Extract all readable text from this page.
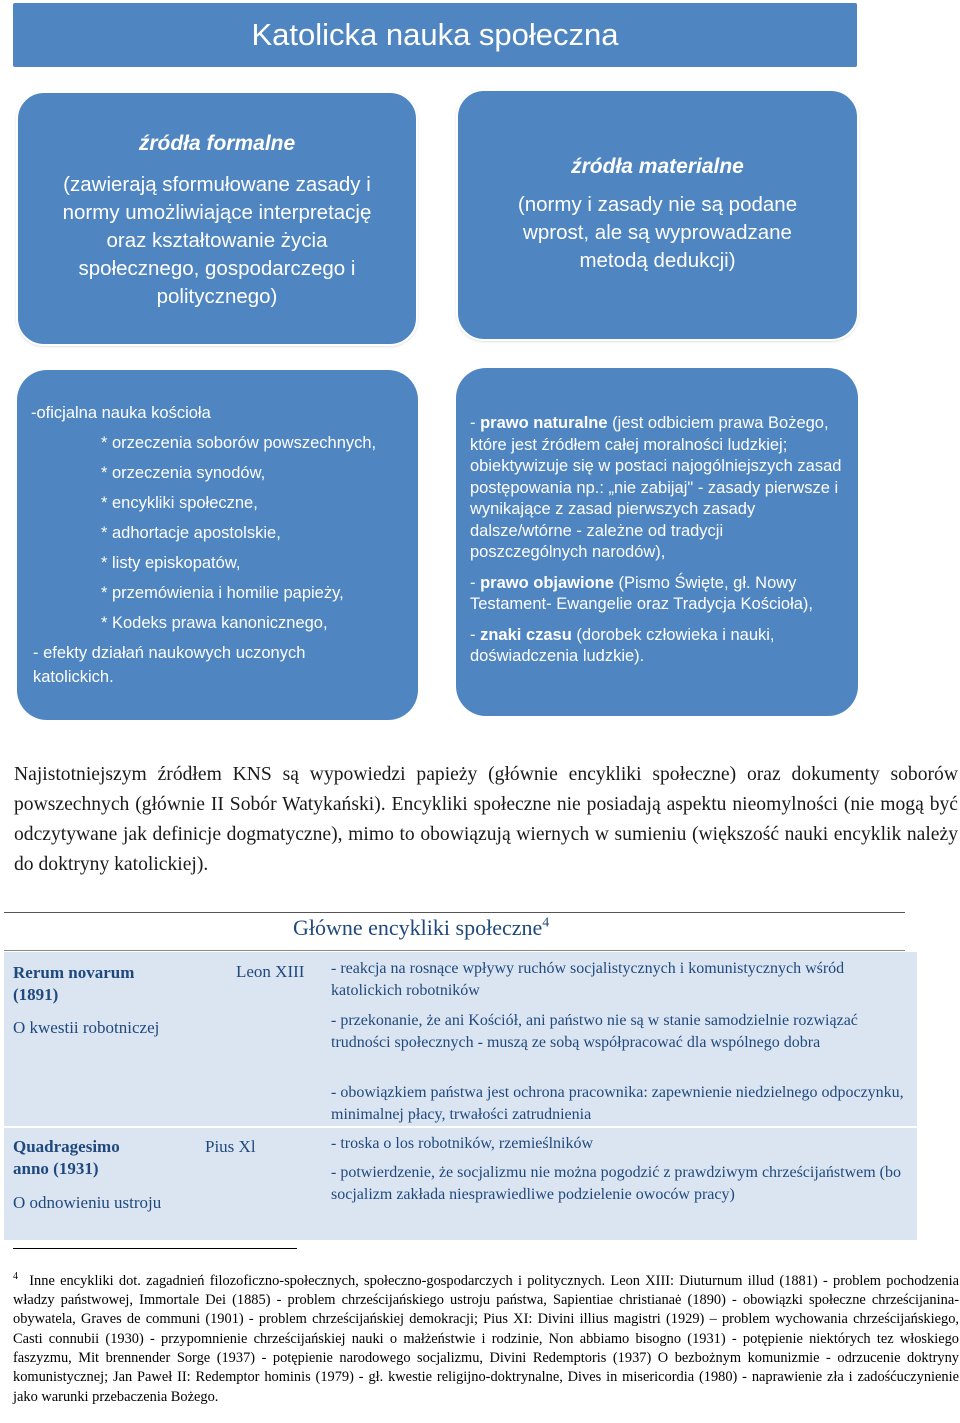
Katolicka nauka społeczna
źródła formalne
(zawierają sformułowane zasady i
normy umożliwiające interpretację
oraz kształtowanie życia
społecznego, gospodarczego i
politycznego)
źródła materialne
(normy i zasady nie są podane
wprost, ale są wyprowadzane
metodą dedukcji)
-oficjalna nauka kościoła
* orzeczenia soborów powszechnych,
* orzeczenia synodów,
* encykliki społeczne,
* adhortacje apostolskie,
* listy episkopatów,
* przemówienia i homilie papieży,
* Kodeks prawa kanonicznego,
- efekty działań naukowych uczonych
katolickich.

- prawo naturalne (jest odbiciem prawa Bożego, które jest źródłem całej moralności ludzkiej; obiektywizuje się w postaci najogólniejszych zasad postępowania np.: „nie zabijaj" - zasady pierwsze i wynikające z zasad pierwszych zasady dalsze/wtórne - zależne od tradycji poszczególnych narodów),

- prawo objawione (Pismo Święte, gł. Nowy Testament- Ewangelie oraz Tradycja Kościoła),

- znaki czasu (dorobek człowieka i nauki, doświadczenia ludzkie).

Najistotniejszym źródłem KNS są wypowiedzi papieży (głównie encykliki społeczne) oraz dokumenty soborów powszechnych (głównie II Sobór Watykański). Encykliki społeczne nie posiadają aspektu nieomylności (nie mogą być odczytywane jak definicje dogmatyczne), mimo to obowiązują wiernych w sumieniu (większość nauki encyklik należy do doktryny katolickiej).
Główne encykliki społeczne$^4$
Rerum novarum
(1891)
O kwestii robotniczej
Leon XIII - reakcja na rosnące wpływy ruchów socjalistycznych i komunistycznych wśród katolickich robotników
- przekonanie, że ani Kościół, ani państwo nie są w stanie samodzielnie rozwiązać trudności społecznych - muszą ze sobą współpracować dla wspólnego dobra
- obowiązkiem państwa jest ochrona pracownika: zapewnienie niedzielnego odpoczynku, minimalnej płacy, trwałości zatrudnienia
Quadragesimo
anno (1931)
O odnowieniu ustroju
Pius Xl	- troska o los robotników, rzemieślników
- potwierdzenie, że socjalizmu nie można pogodzić z prawdziwym chrześcijaństwem (bo socjalizm zakłada niesprawiedliwe podzielenie owoców pracy)
$^4$ Inne encykliki dot. zagadnień filozoficzno-społecznych, społeczno-gospodarczych i politycznych. Leon XIII: Diuturnum illud (1881) - problem pochodzenia władzy państwowej, Immortale Dei (1885) - problem chrześcijańskiego ustroju państwa, Sapientiae christianaė (1890) - obowiązki społeczne chrześcijanina-obywatela, Graves de communi (1901) - problem chrześcijańskiej demokracji; Pius XI: Divini illius magistri (1929) – problem wychowania chrześcijańskiego, Casti connubii (1930) - przypomnienie chrześcijańskiej nauki o małżeństwie i rodzinie, Non abbiamo bisogno (1931) - potępienie niektórych tez włoskiego faszyzmu, Mit brennender Sorge (1937) - potępienie narodowego socjalizmu, Divini Redemptoris (1937) O bezbożnym komunizmie - odrzucenie doktryny komunistycznej; Jan Paweł II: Redemptor hominis (1979) - gł. kwestie religijno-doktrynalne, Dives in misericordia (1980) - naprawienie zła i zadośćuczynienie jako warunki przebaczenia Bożego.
